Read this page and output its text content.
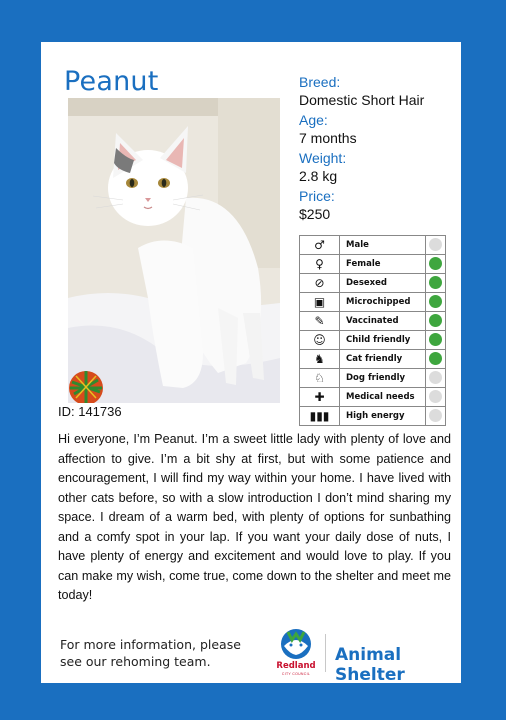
Peanut
ID: 141736
Breed:
Domestic Short Hair
Age:
7 months
Weight:
2.8 kg
Price:
$250
♂	Male	
♀	Female	
⊘	Desexed	
▣	Microchipped	
✎	Vaccinated	
☺	Child friendly	
♞	Cat friendly	
♘	Dog friendly	
✚	Medical needs	
▮▮▮	High energy	
Hi everyone, I’m Peanut. I’m a sweet little lady with plenty of love and affection to give. I’m a bit shy at first, but with some patience and encouragement, I will find my way within your home. I have lived with other cats before, so with a slow introduction I don’t mind sharing my space. I dream of a warm bed, with plenty of options for sunbathing and a comfy spot in your lap. If you want your daily dose of nuts, I have plenty of energy and excitement and would love to play. If you can make my wish, come true, come down to the shelter and meet me today!
For more information, please
see our rehoming team.	Redland
CITY COUNCIL
Animal Shelter
